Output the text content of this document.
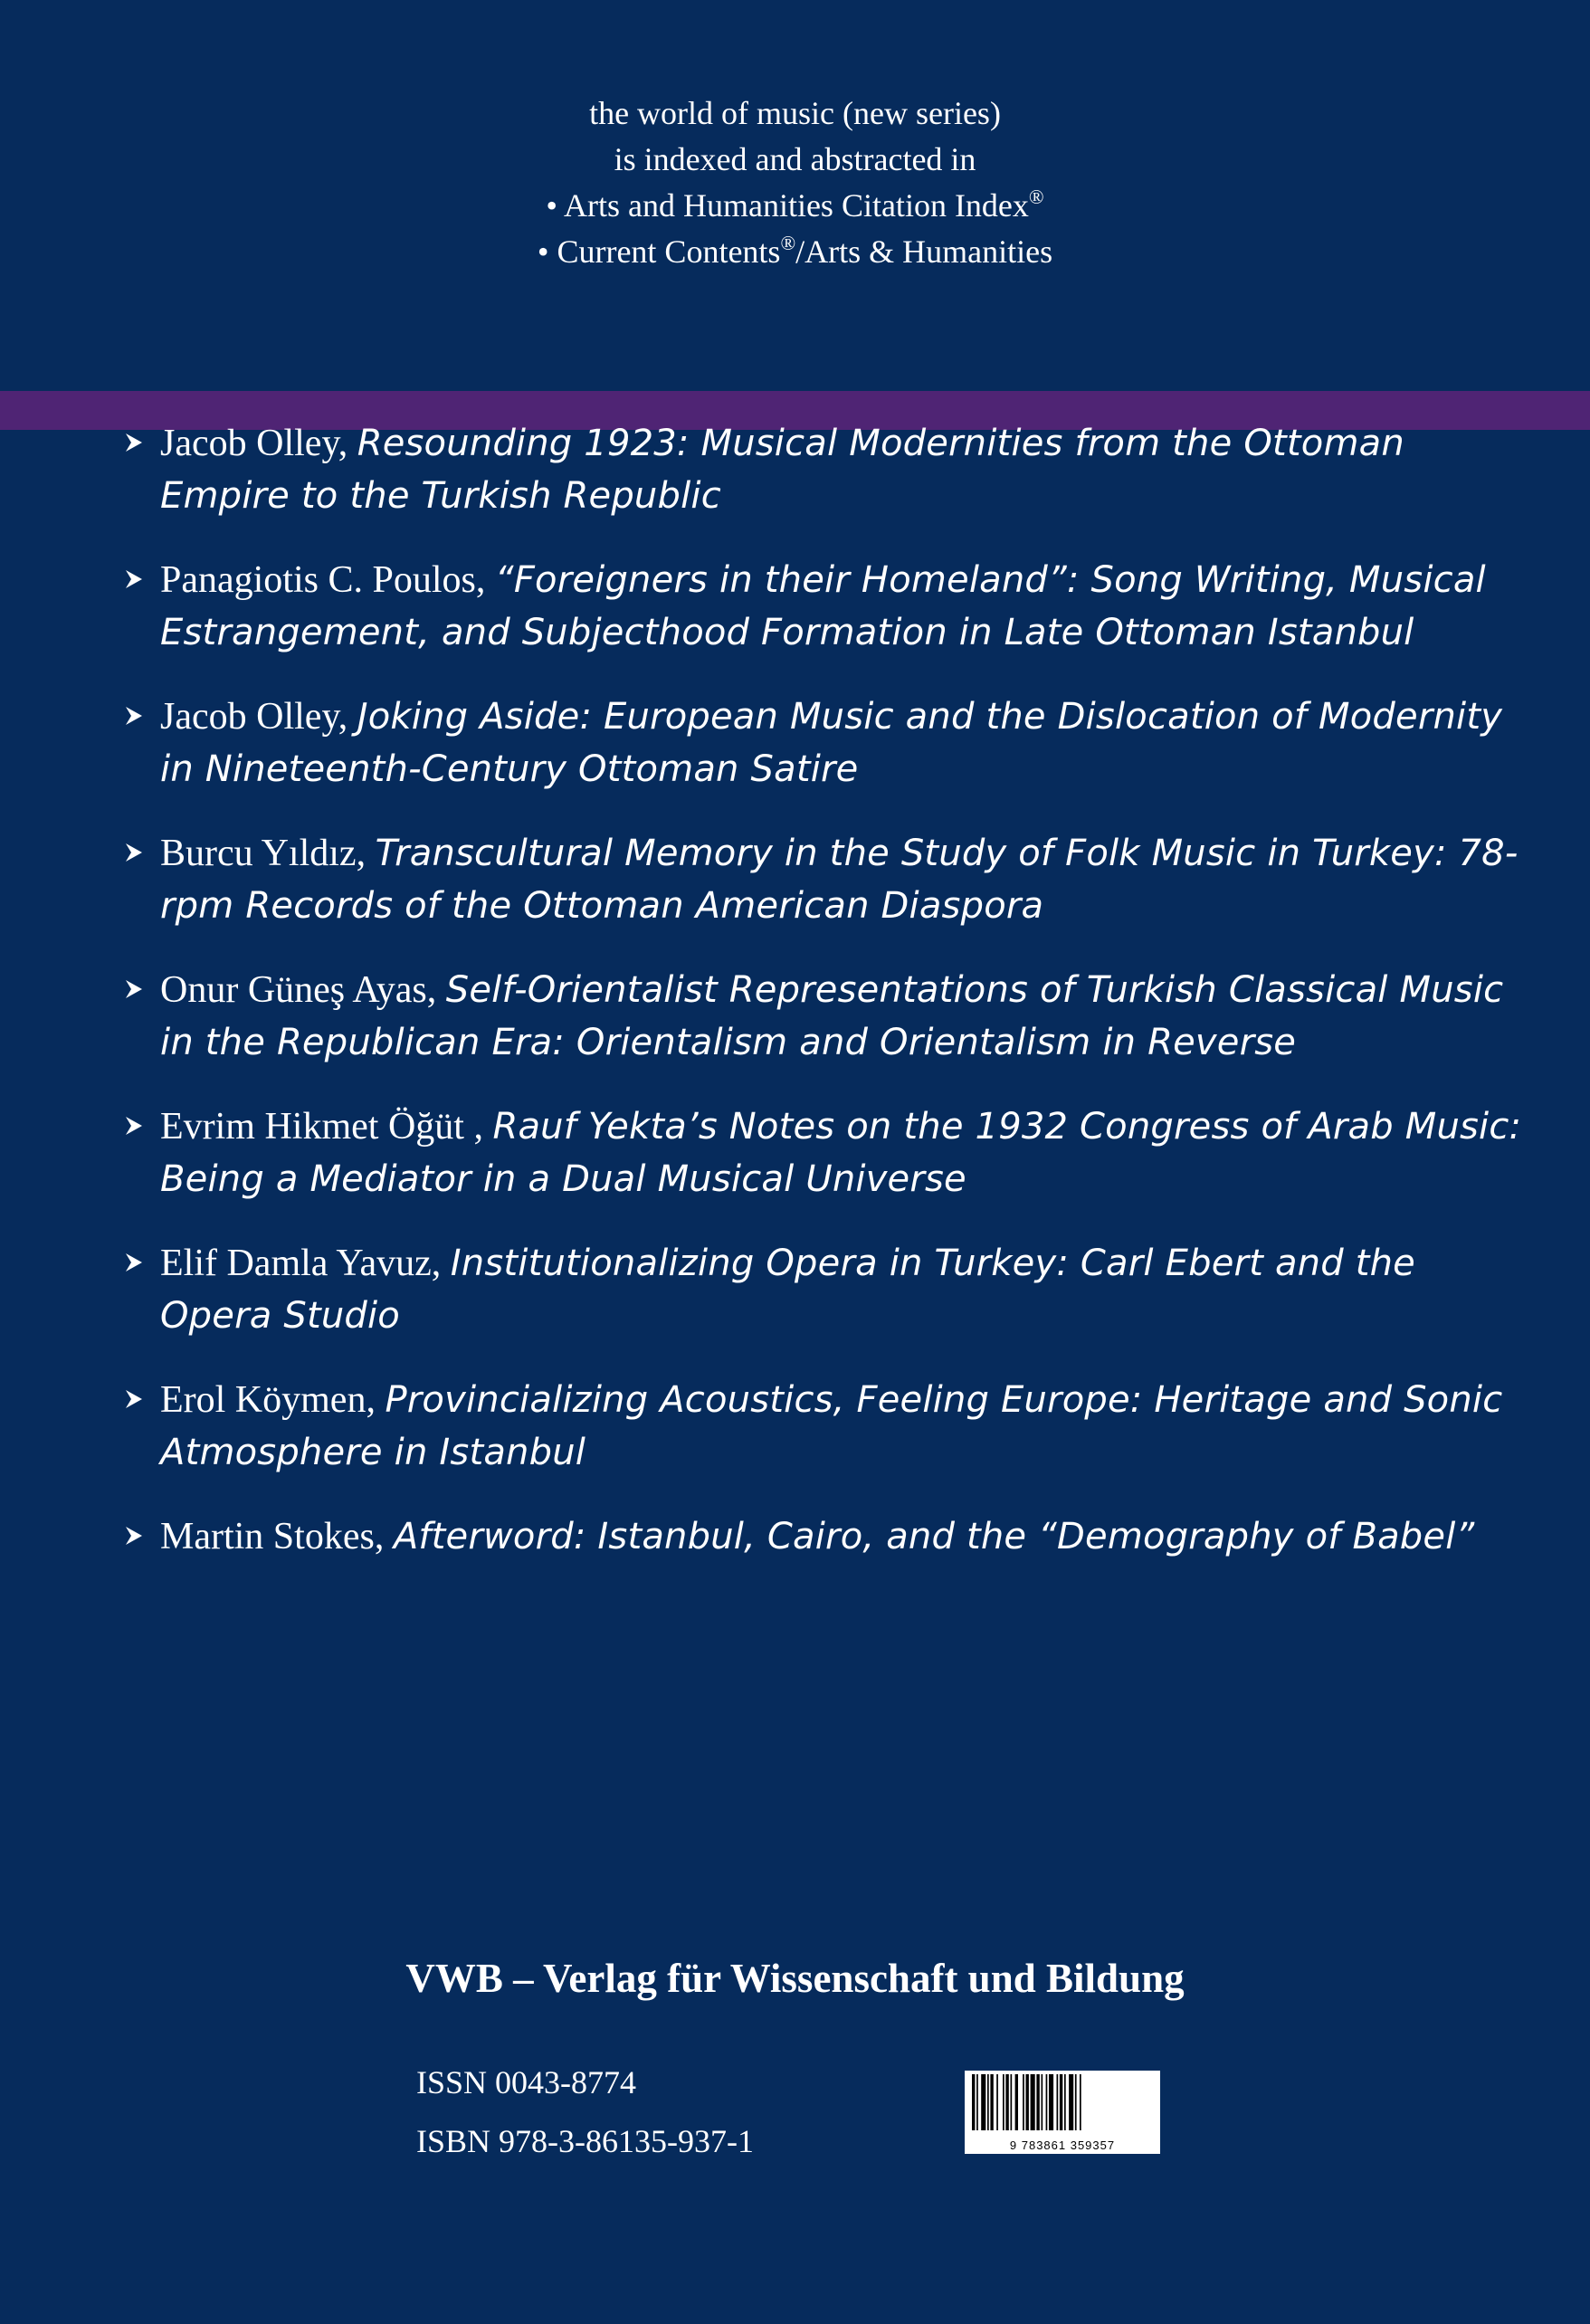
the world of music (new series)
is indexed and abstracted in
• Arts and Humanities Citation Index®
• Current Contents®/Arts & Humanities
Jacob Olley, Resounding 1923: Musical Modernities from the Ottoman Empire to the Turkish Republic
Panagiotis C. Poulos, “Foreigners in their Homeland”: Song Writing, Musical Estrangement, and Subjecthood Formation in Late Ottoman Istanbul
Jacob Olley, Joking Aside: European Music and the Dislocation of Modernity in Nineteenth-Century Ottoman Satire
Burcu Yıldız, Transcultural Memory in the Study of Folk Music in Turkey: 78-rpm Records of the Ottoman American Diaspora
Onur Güneş Ayas, Self-Orientalist Representations of Turkish Classical Music in the Republican Era: Orientalism and Orientalism in Reverse
Evrim Hikmet Öğüt , Rauf Yekta’s Notes on the 1932 Congress of Arab Music: Being a Mediator in a Dual Musical Universe
Elif Damla Yavuz, Institutionalizing Opera in Turkey: Carl Ebert and the Opera Studio
Erol Köymen, Provincializing Acoustics, Feeling Europe: Heritage and Sonic Atmosphere in Istanbul
Martin Stokes, Afterword: Istanbul, Cairo, and the “Demography of Babel”
VWB – Verlag für Wissenschaft und Bildung
ISSN 0043-8774
ISBN 978-3-86135-937-1	9 783861 359357
